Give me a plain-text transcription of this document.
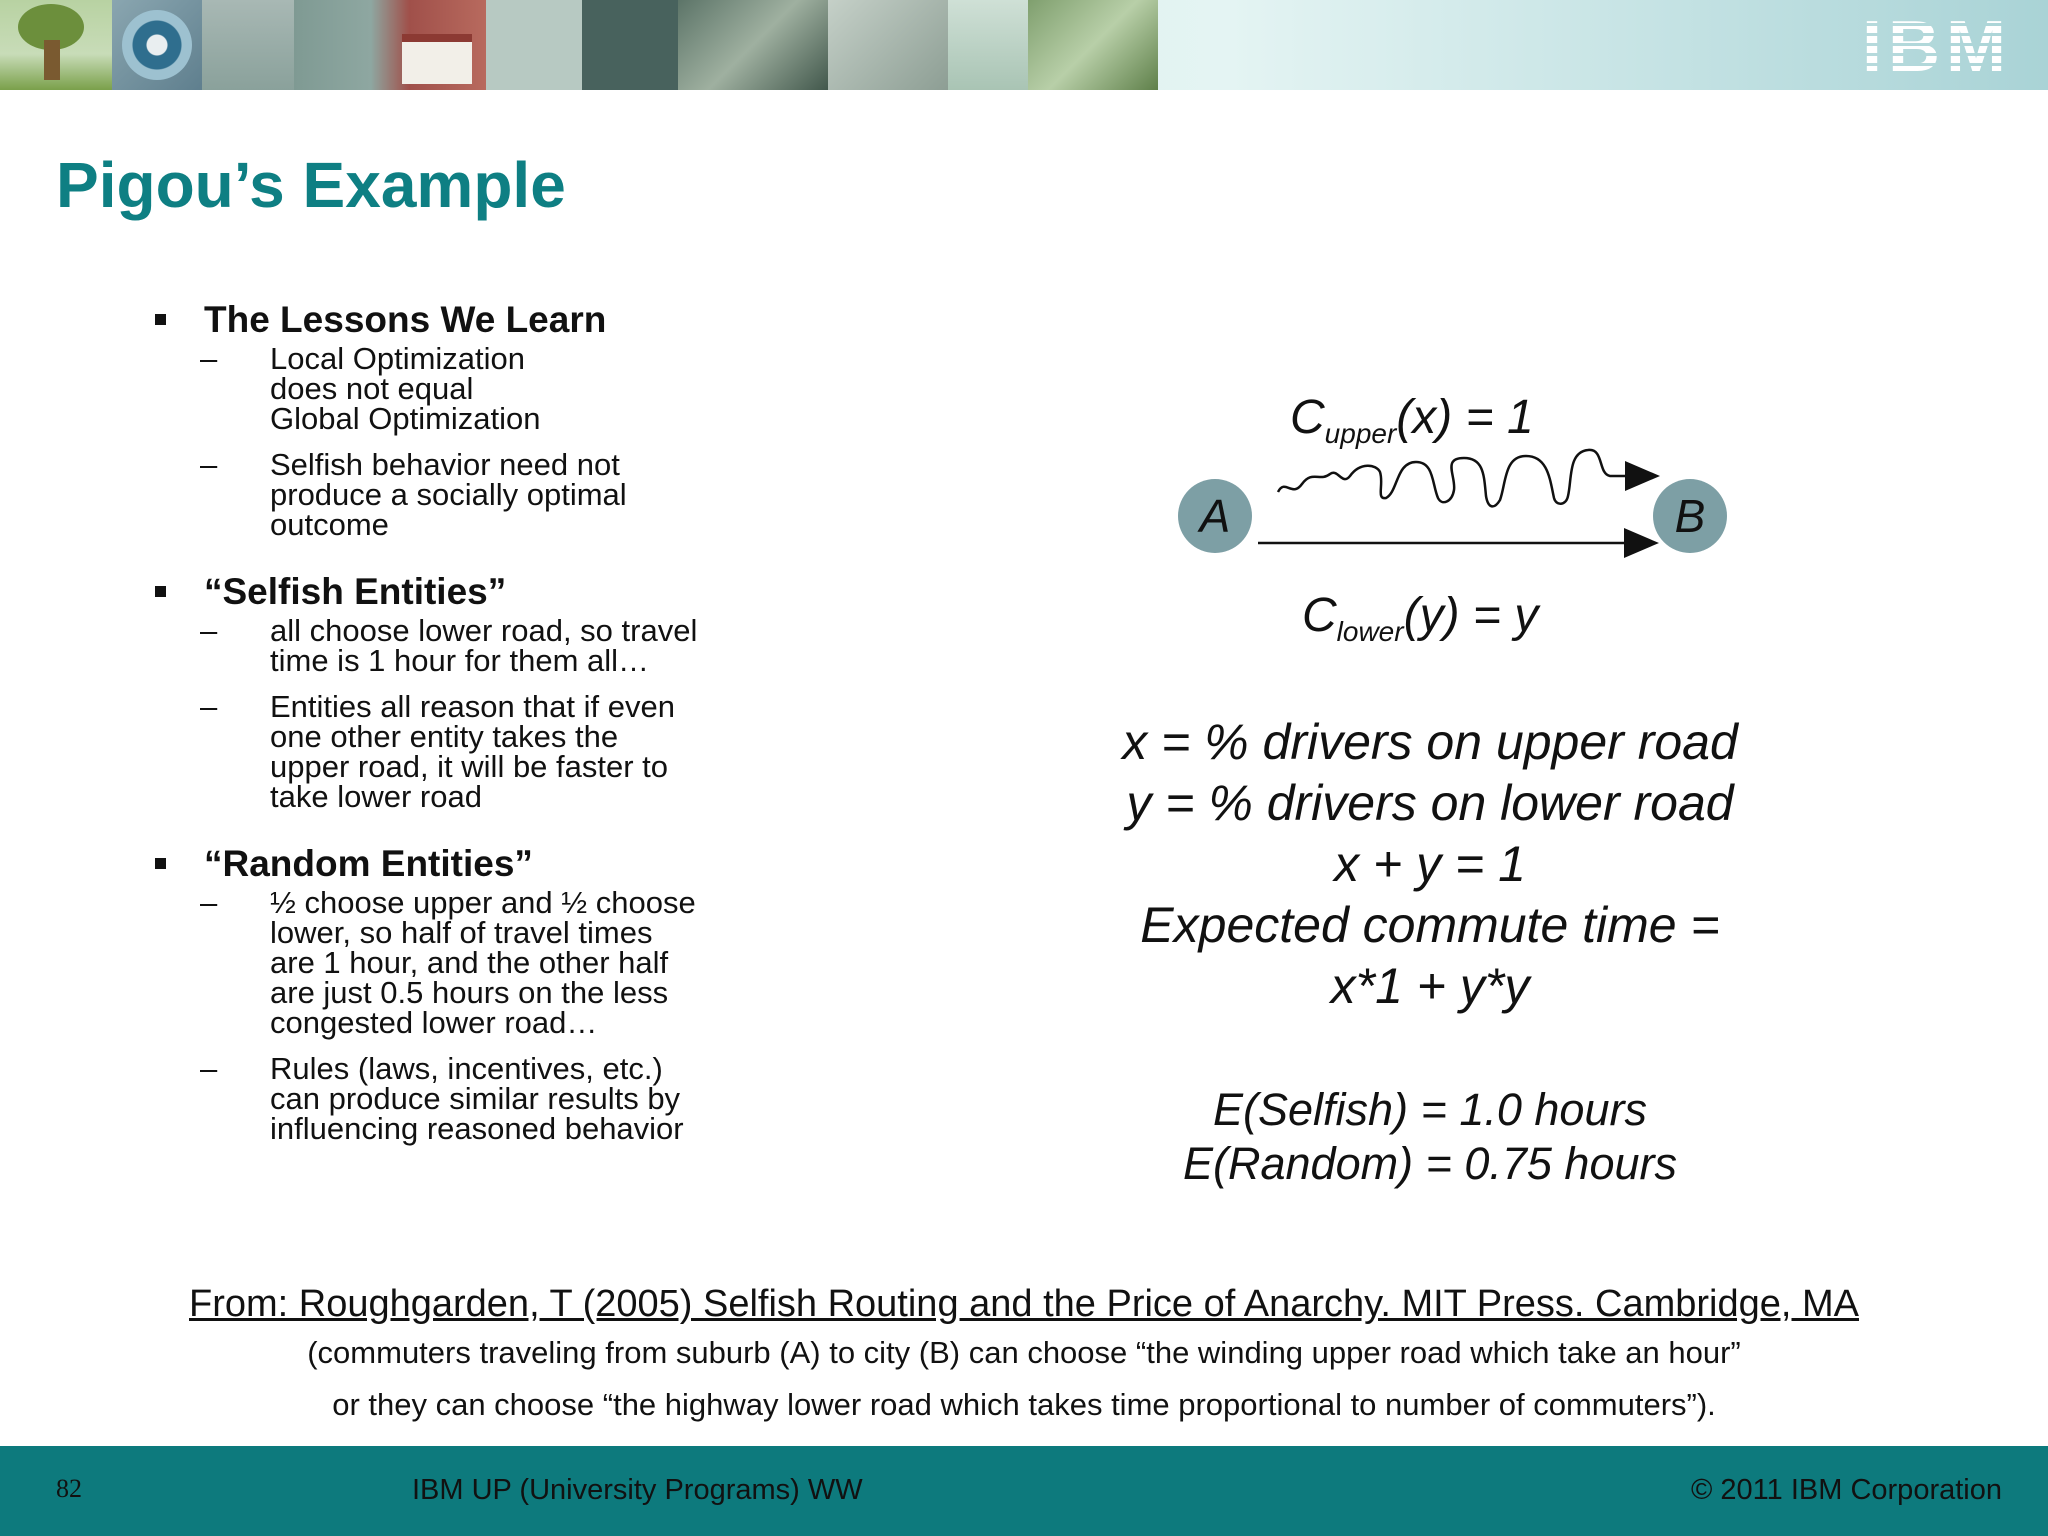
IBM
Pigou’s Example
The Lessons We Learn
– Local Optimization
does not equal
Global Optimization
– Selfish behavior need not
produce a socially optimal
outcome
“Selfish Entities”
– all choose lower road, so travel
time is 1 hour for them all…
– Entities all reason that if even
one other entity takes the
upper road, it will be faster to
take lower road
“Random Entities”
– ½ choose upper and ½ choose
lower, so half of travel times
are 1 hour, and the other half
are just 0.5 hours on the less
congested lower road…
– Rules (laws, incentives, etc.)
can produce similar results by
influencing reasoned behavior
A	B
$C_{upper}(x) = 1$
$C_{lower}(y) = y$
x = % drivers on upper road
y = % drivers on lower road
x + y = 1
Expected commute time =
x*1 + y*y
E(Selfish) = 1.0 hours
E(Random) = 0.75 hours
From: Roughgarden, T (2005) Selfish Routing and the Price of Anarchy. MIT Press. Cambridge, MA
(commuters traveling from suburb (A) to city (B) can choose “the winding upper road which take an hour”
or they can choose “the highway lower road which takes time proportional to number of commuters”).
82	IBM UP (University Programs) WW	© 2011 IBM Corporation
